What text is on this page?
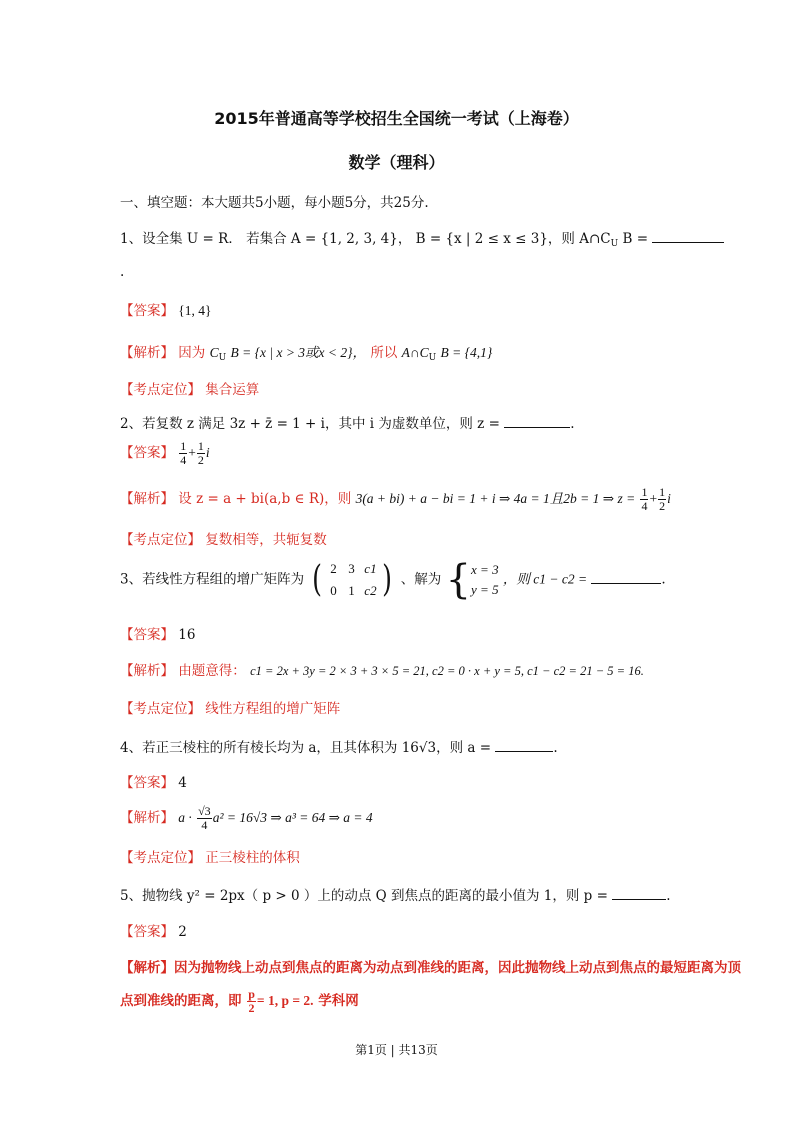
2015年普通高等学校招生全国统一考试（上海卷）
数学（理科）
一、填空题：本大题共5小题，每小题5分，共25分.
1、设全集 U = R． 若集合 A = {1, 2, 3, 4}， B = {x | 2 ≤ x ≤ 3}，则 $A\cap C_U$ B =
.
【答案】 {1, 4}
【解析】 因为 $C_U$ B = {x | x > 3或x < 2}， 所以 $A\cap C_U$ B = {4,1}
【考点定位】 集合运算
2、若复数 z 满足 3z + z̄ = 1 + i，其中 i 为虚数单位，则 z =	.
【答案】 $\frac{1}{4} + \frac{1}{2}$ i
【解析】 设 z = a + bi(a,b ∈ R)，则 3(a + bi) + a − bi = 1 + i ⇒ 4a = 1且2b = 1 ⇒ $z = \frac{1}{4} + \frac{1}{2}$ i
【考点定位】 复数相等，共轭复数
3、若线性方程组的增广矩阵为 ( 2 3 c1
0 1 c2 ) 、解为 { x = 3
y = 5
，则 c1 − c2 =	.
【答案】 16
【解析】 由题意得： c1 = 2x + 3y = 2 × 3 + 3 × 5 = 21, c2 = 0 · x + y = 5, c1 − c2 = 21 − 5 = 16.
【考点定位】 线性方程组的增广矩阵
4、若正三棱柱的所有棱长均为 a，且其体积为 16√3，则 a =	.
【答案】 4
【解析】 $a \cdot \frac{√3}{4} a^2 = 16√3$ ⇒ a³ = 64 ⇒ a = 4
【考点定位】 正三棱柱的体积
5、抛物线 y² = 2px（ p > 0 ）上的动点 Q 到焦点的距离的最小值为 1，则 p =	.
【答案】 2
【解析】因为抛物线上动点到焦点的距离为动点到准线的距离，因此抛物线上动点到焦点的最短距离为顶
点到准线的距离，即 $\frac{p}{2} = 1$, p = 2. 学科网
第1页 | 共13页
